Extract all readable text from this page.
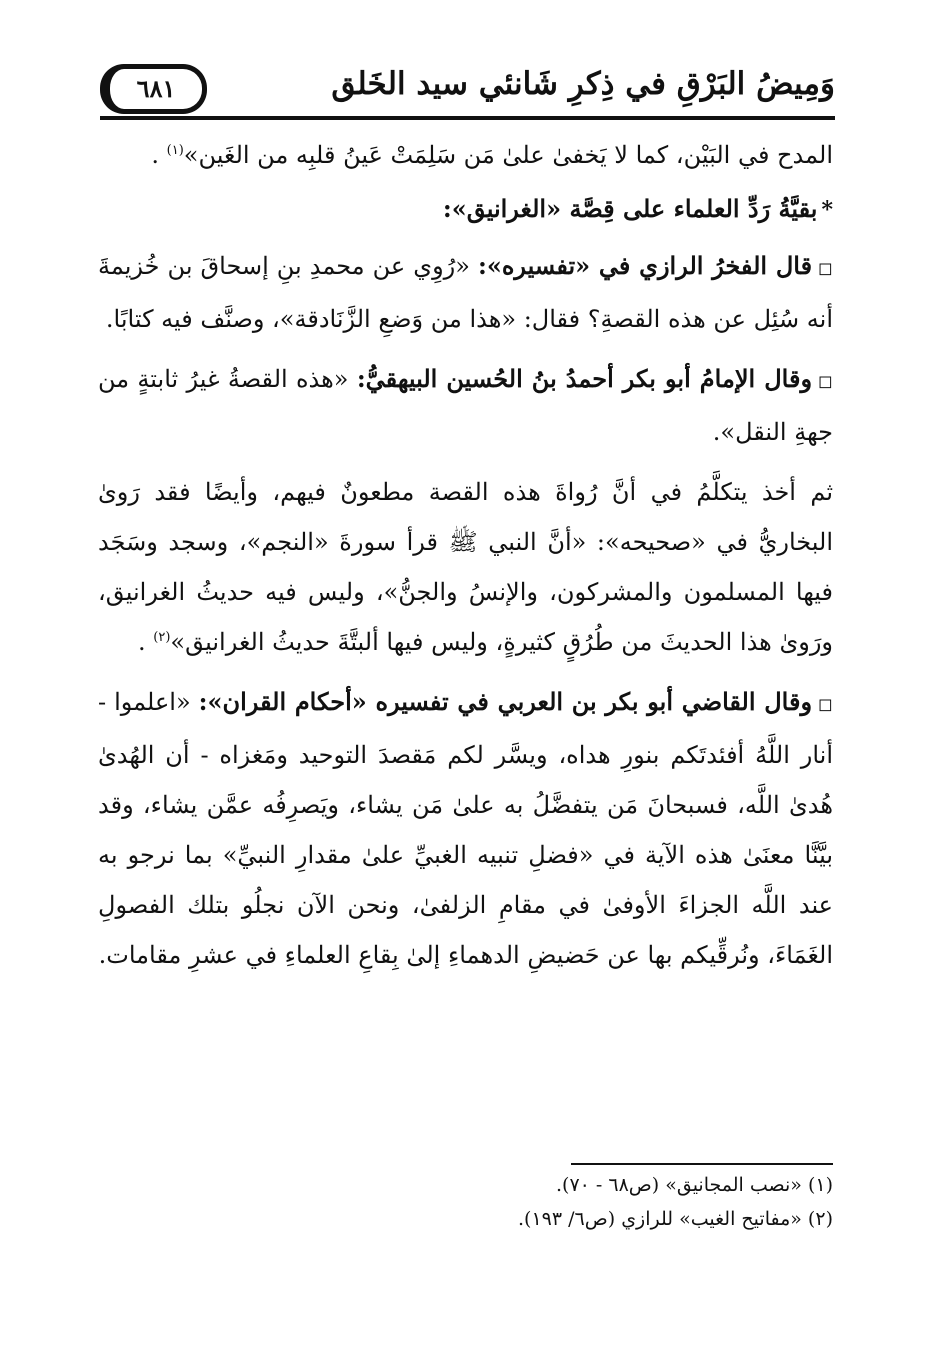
وَمِيضُ البَرْقِ في ذِكرِ شَانئي سيد الخَلق
٦٨١

المدح في البَيْن، كما لا يَخفىٰ علىٰ مَن سَلِمَتْ عَينُ قلبِه من الغَين»$^{(١)}$ .

*بقيَّةُ رَدِّ العلماء على قِصَّة «الغرانيق»:

◻قال الفخرُ الرازي في «تفسيره»: «رُوِي عن محمدِ بنِ إسحاقَ بن خُزيمةَ أنه سُئِل عن هذه القصةِ؟ فقال: «هذا من وَضعِ الزَّنَادقة»، وصنَّف فيه كتابًا.

◻وقال الإمامُ أبو بكر أحمدُ بنُ الحُسين البيهقيُّ: «هذه القصةُ غيرُ ثابتةٍ من جهةِ النقل».

ثم أخذ يتكلَّمُ في أنَّ رُواةَ هذه القصة مطعونٌ فيهم، وأيضًا فقد رَوىٰ البخاريُّ في «صحيحه»: «أنَّ النبي ﷺ قرأ سورةَ «النجم»، وسجد وسَجَد فيها المسلمون والمشركون، والإنسُ والجنُّ»، وليس فيه حديثُ الغرانيق، ورَوىٰ هذا الحديثَ من طُرُقٍ كثيرةٍ، وليس فيها ألبتَّةَ حديثُ الغرانيق»$^{(٢)}$ .

◻وقال القاضي أبو بكر بن العربي في تفسيره «أحكام القران»: «اعلموا - أنار اللَّهُ أفئدتَكم بنورِ هداه، ويسَّر لكم مَقصدَ التوحيد ومَغزاه - أن الهُدىٰ هُدىٰ اللَّه، فسبحانَ مَن يتفضَّلُ به علىٰ مَن يشاء، ويَصرِفُه عمَّن يشاء، وقد بيَّنَّا معنَىٰ هذه الآية في «فضلِ تنبيه الغبيِّ علىٰ مقدارِ النبيِّ» بما نرجو به عند اللَّه الجزاءَ الأوفىٰ في مقامِ الزلفىٰ، ونحن الآن نجلُو بتلك الفصولِ الغَمَاءَ، ونُرقِّيكم بها عن حَضيضِ الدهماءِ إلىٰ بِقاعِ العلماءِ في عشرِ مقامات.

(١) «نصب المجانيق» (ص٦٨ - ٧٠).

(٢) «مفاتيح الغيب» للرازي (ص٦/ ١٩٣).
